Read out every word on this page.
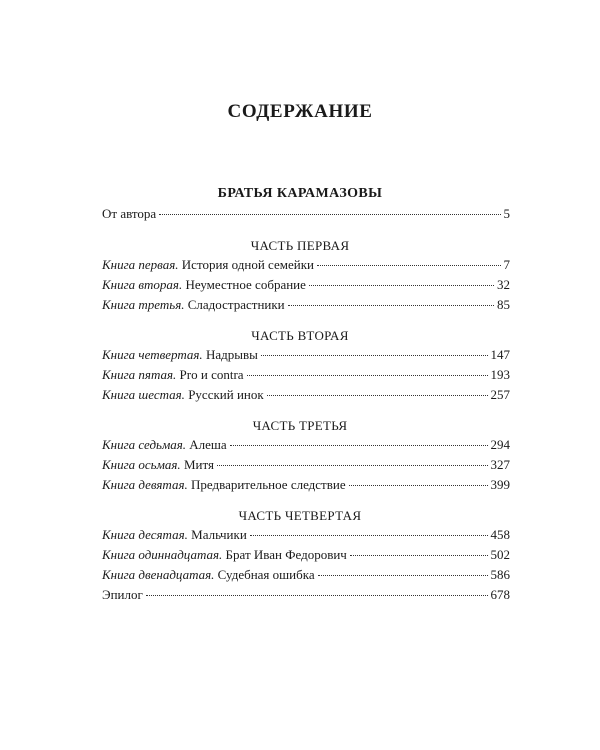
СОДЕРЖАНИЕ
БРАТЬЯ КАРАМАЗОВЫ
От автора	5
ЧАСТЬ ПЕРВАЯ
Книга первая. История одной семейки	7
Книга вторая. Неуместное собрание	32
Книга третья. Сладострастники	85
ЧАСТЬ ВТОРАЯ
Книга четвертая. Надрывы	147
Книга пятая. Pro и contra	193
Книга шестая. Русский инок	257
ЧАСТЬ ТРЕТЬЯ
Книга седьмая. Алеша	294
Книга осьмая. Митя	327
Книга девятая. Предварительное следствие	399
ЧАСТЬ ЧЕТВЕРТАЯ
Книга десятая. Мальчики	458
Книга одиннадцатая. Брат Иван Федорович	502
Книга двенадцатая. Судебная ошибка	586
Эпилог	678
